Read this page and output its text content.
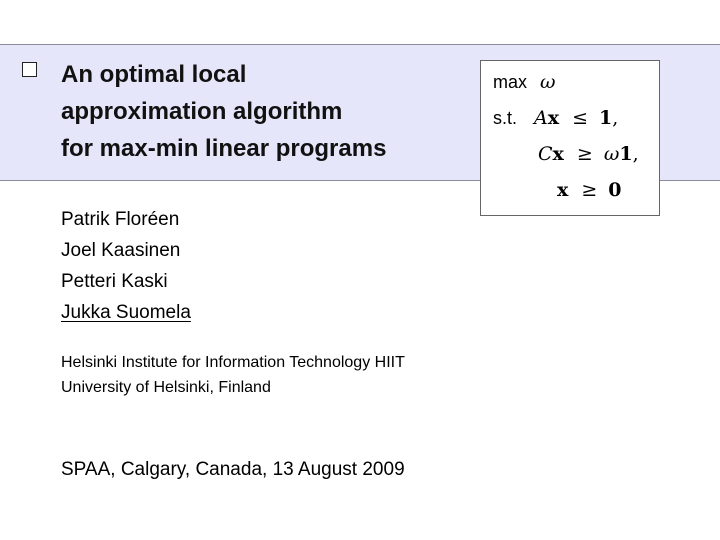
An optimal local
approximation algorithm
for max-min linear programs
max ω
s.t. Ax ≤ 1,
Cx ≥ ω1,
x ≥ 0
Patrik Floréen
Joel Kaasinen
Petteri Kaski
Jukka Suomela
Helsinki Institute for Information Technology HIIT
University of Helsinki, Finland
SPAA, Calgary, Canada, 13 August 2009
